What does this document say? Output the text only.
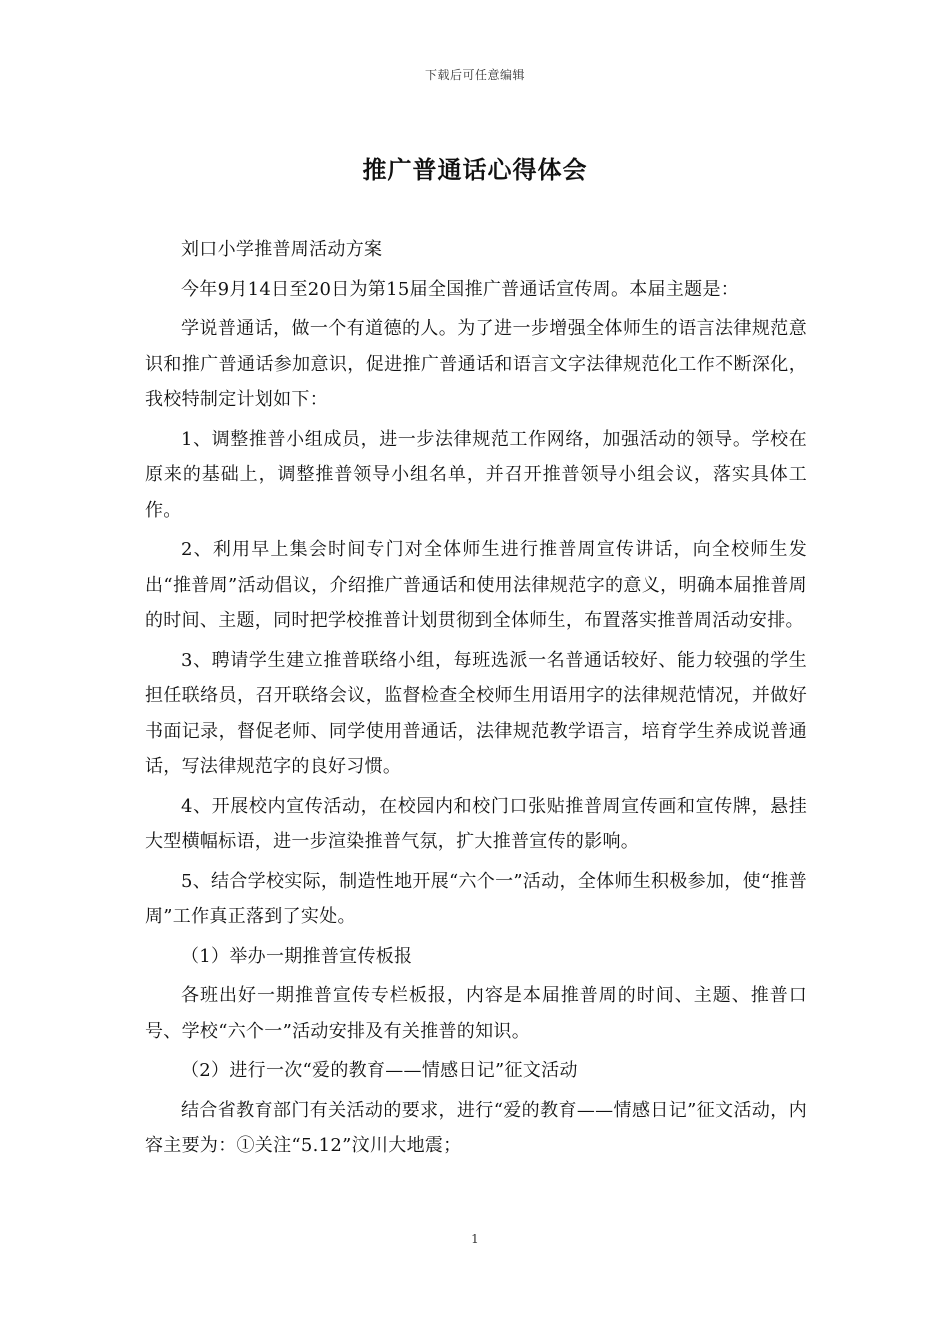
下载后可任意编辑
推广普通话心得体会

刘口小学推普周活动方案

今年9月14日至20日为第15届全国推广普通话宣传周。本届主题是：

学说普通话，做一个有道德的人。为了进一步增强全体师生的语言法律规范意识和推广普通话参加意识，促进推广普通话和语言文字法律规范化工作不断深化，我校特制定计划如下：

1、调整推普小组成员，进一步法律规范工作网络，加强活动的领导。学校在原来的基础上，调整推普领导小组名单，并召开推普领导小组会议，落实具体工作。

2、利用早上集会时间专门对全体师生进行推普周宣传讲话，向全校师生发出“推普周”活动倡议，介绍推广普通话和使用法律规范字的意义，明确本届推普周的时间、主题，同时把学校推普计划贯彻到全体师生，布置落实推普周活动安排。

3、聘请学生建立推普联络小组，每班选派一名普通话较好、能力较强的学生担任联络员，召开联络会议，监督检查全校师生用语用字的法律规范情况，并做好书面记录，督促老师、同学使用普通话，法律规范教学语言，培育学生养成说普通话，写法律规范字的良好习惯。

4、开展校内宣传活动，在校园内和校门口张贴推普周宣传画和宣传牌，悬挂大型横幅标语，进一步渲染推普气氛，扩大推普宣传的影响。

5、结合学校实际，制造性地开展“六个一”活动，全体师生积极参加，使“推普周”工作真正落到了实处。

（1）举办一期推普宣传板报

各班出好一期推普宣传专栏板报，内容是本届推普周的时间、主题、推普口号、学校“六个一”活动安排及有关推普的知识。

（2）进行一次“爱的教育——情感日记”征文活动

结合省教育部门有关活动的要求，进行“爱的教育——情感日记”征文活动，内容主要为：①关注“5.12”汶川大地震；

1
